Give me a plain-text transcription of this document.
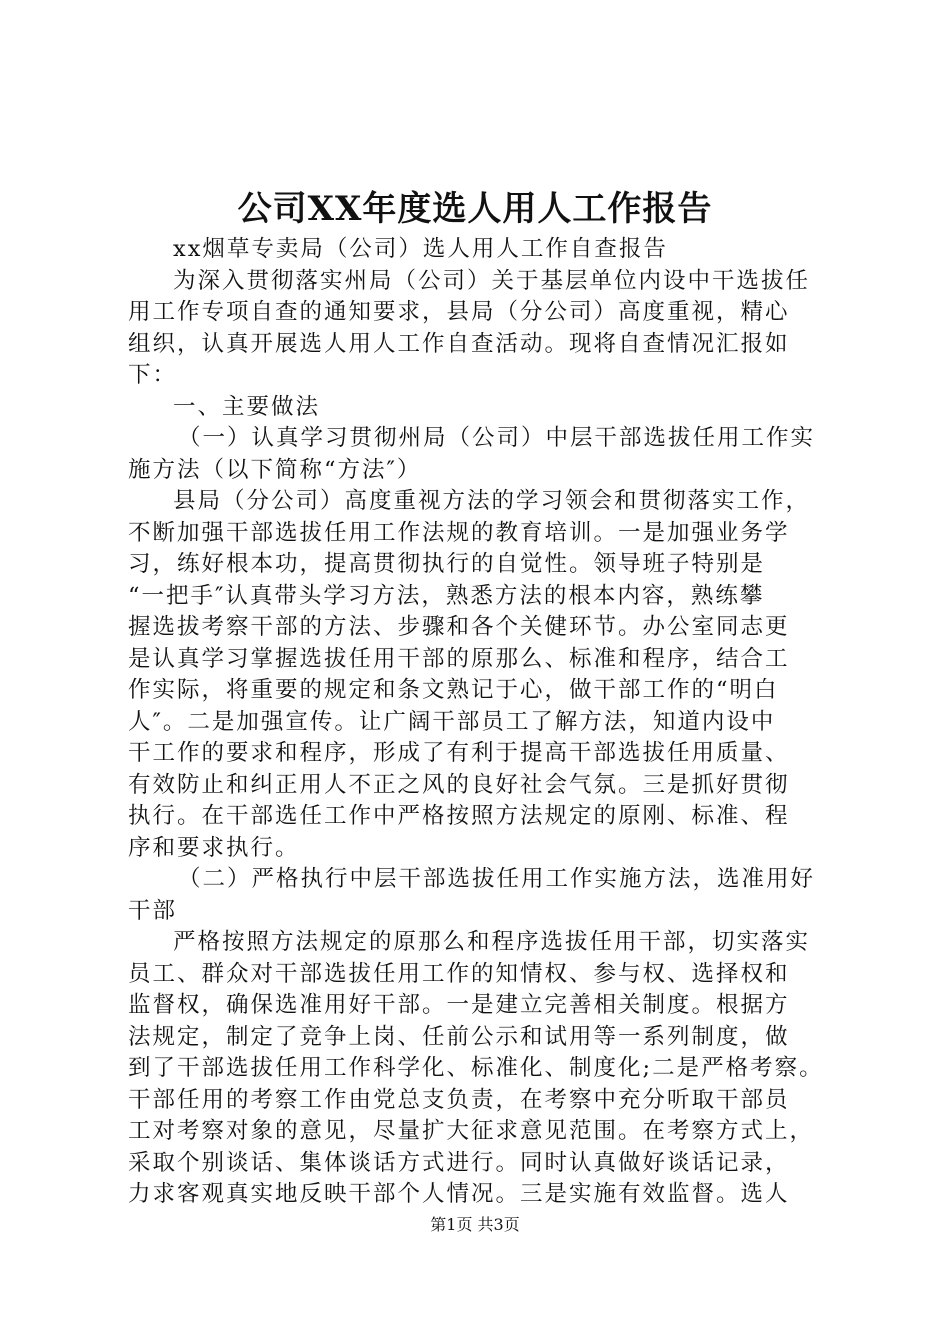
公司XX年度选人用人工作报告
xx烟草专卖局（公司）选人用人工作自查报告
为深入贯彻落实州局（公司）关于基层单位内设中干选拔任
用工作专项自查的通知要求，县局（分公司）高度重视，精心
组织，认真开展选人用人工作自查活动。现将自查情况汇报如
下：
一、主要做法
（一）认真学习贯彻州局（公司）中层干部选拔任用工作实
施方法（以下简称“方法″）
县局（分公司）高度重视方法的学习领会和贯彻落实工作，
不断加强干部选拔任用工作法规的教育培训。一是加强业务学
习，练好根本功，提高贯彻执行的自觉性。领导班子特别是
“一把手″认真带头学习方法，熟悉方法的根本内容，熟练攀
握选拔考察干部的方法、步骤和各个关健环节。办公室同志更
是认真学习掌握选拔任用干部的原那么、标准和程序，结合工
作实际，将重要的规定和条文熟记于心，做干部工作的“明白
人″。二是加强宣传。让广阔干部员工了解方法，知道内设中
干工作的要求和程序，形成了有利于提高干部选拔任用质量、
有效防止和纠正用人不正之风的良好社会气氛。三是抓好贯彻
执行。在干部选任工作中严格按照方法规定的原刚、标准、程
序和要求执行。
（二）严格执行中层干部选拔任用工作实施方法，选准用好
干部
严格按照方法规定的原那么和程序选拔任用干部，切实落实
员工、群众对干部选拔任用工作的知情权、参与权、选择权和
监督权，确保选准用好干部。一是建立完善相关制度。根据方
法规定，制定了竞争上岗、任前公示和试用等一系列制度，做
到了干部选拔任用工作科学化、标准化、制度化;二是严格考察。
干部任用的考察工作由党总支负责，在考察中充分听取干部员
工对考察对象的意见，尽量扩大征求意见范围。在考察方式上，
采取个别谈话、集体谈话方式进行。同时认真做好谈话记录，
力求客观真实地反映干部个人情况。三是实施有效监督。选人
第1页 共3页
